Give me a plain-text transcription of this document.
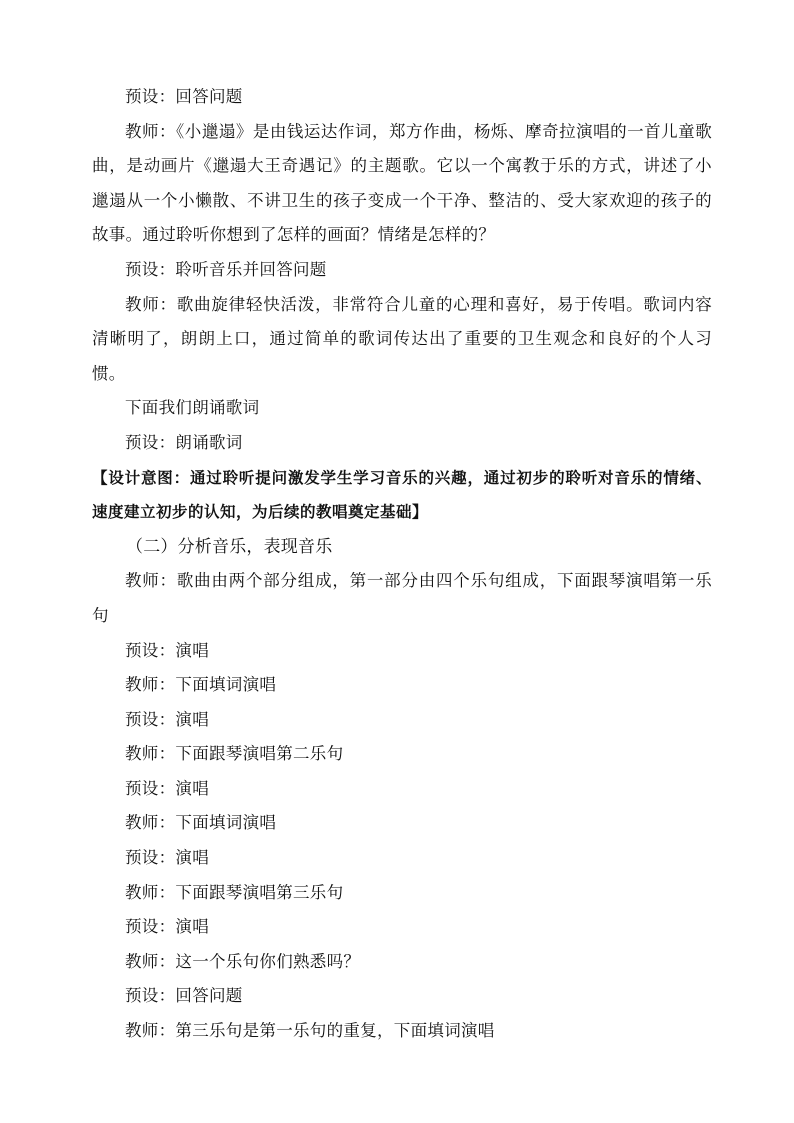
预设：回答问题

教师：《小邋遢》是由钱运达作词，郑方作曲，杨烁、摩奇拉演唱的一首儿童歌曲，是动画片《邋遢大王奇遇记》的主题歌。它以一个寓教于乐的方式，讲述了小邋遢从一个小懒散、不讲卫生的孩子变成一个干净、整洁的、受大家欢迎的孩子的故事。通过聆听你想到了怎样的画面？情绪是怎样的？

预设：聆听音乐并回答问题

教师：歌曲旋律轻快活泼，非常符合儿童的心理和喜好，易于传唱。歌词内容清晰明了，朗朗上口，通过简单的歌词传达出了重要的卫生观念和良好的个人习惯。

下面我们朗诵歌词

预设：朗诵歌词

【设计意图：通过聆听提问激发学生学习音乐的兴趣，通过初步的聆听对音乐的情绪、速度建立初步的认知，为后续的教唱奠定基础】

（二）分析音乐，表现音乐

教师：歌曲由两个部分组成，第一部分由四个乐句组成，下面跟琴演唱第一乐句

预设：演唱

教师：下面填词演唱

预设：演唱

教师：下面跟琴演唱第二乐句

预设：演唱

教师：下面填词演唱

预设：演唱

教师：下面跟琴演唱第三乐句

预设：演唱

教师：这一个乐句你们熟悉吗？

预设：回答问题

教师：第三乐句是第一乐句的重复，下面填词演唱
